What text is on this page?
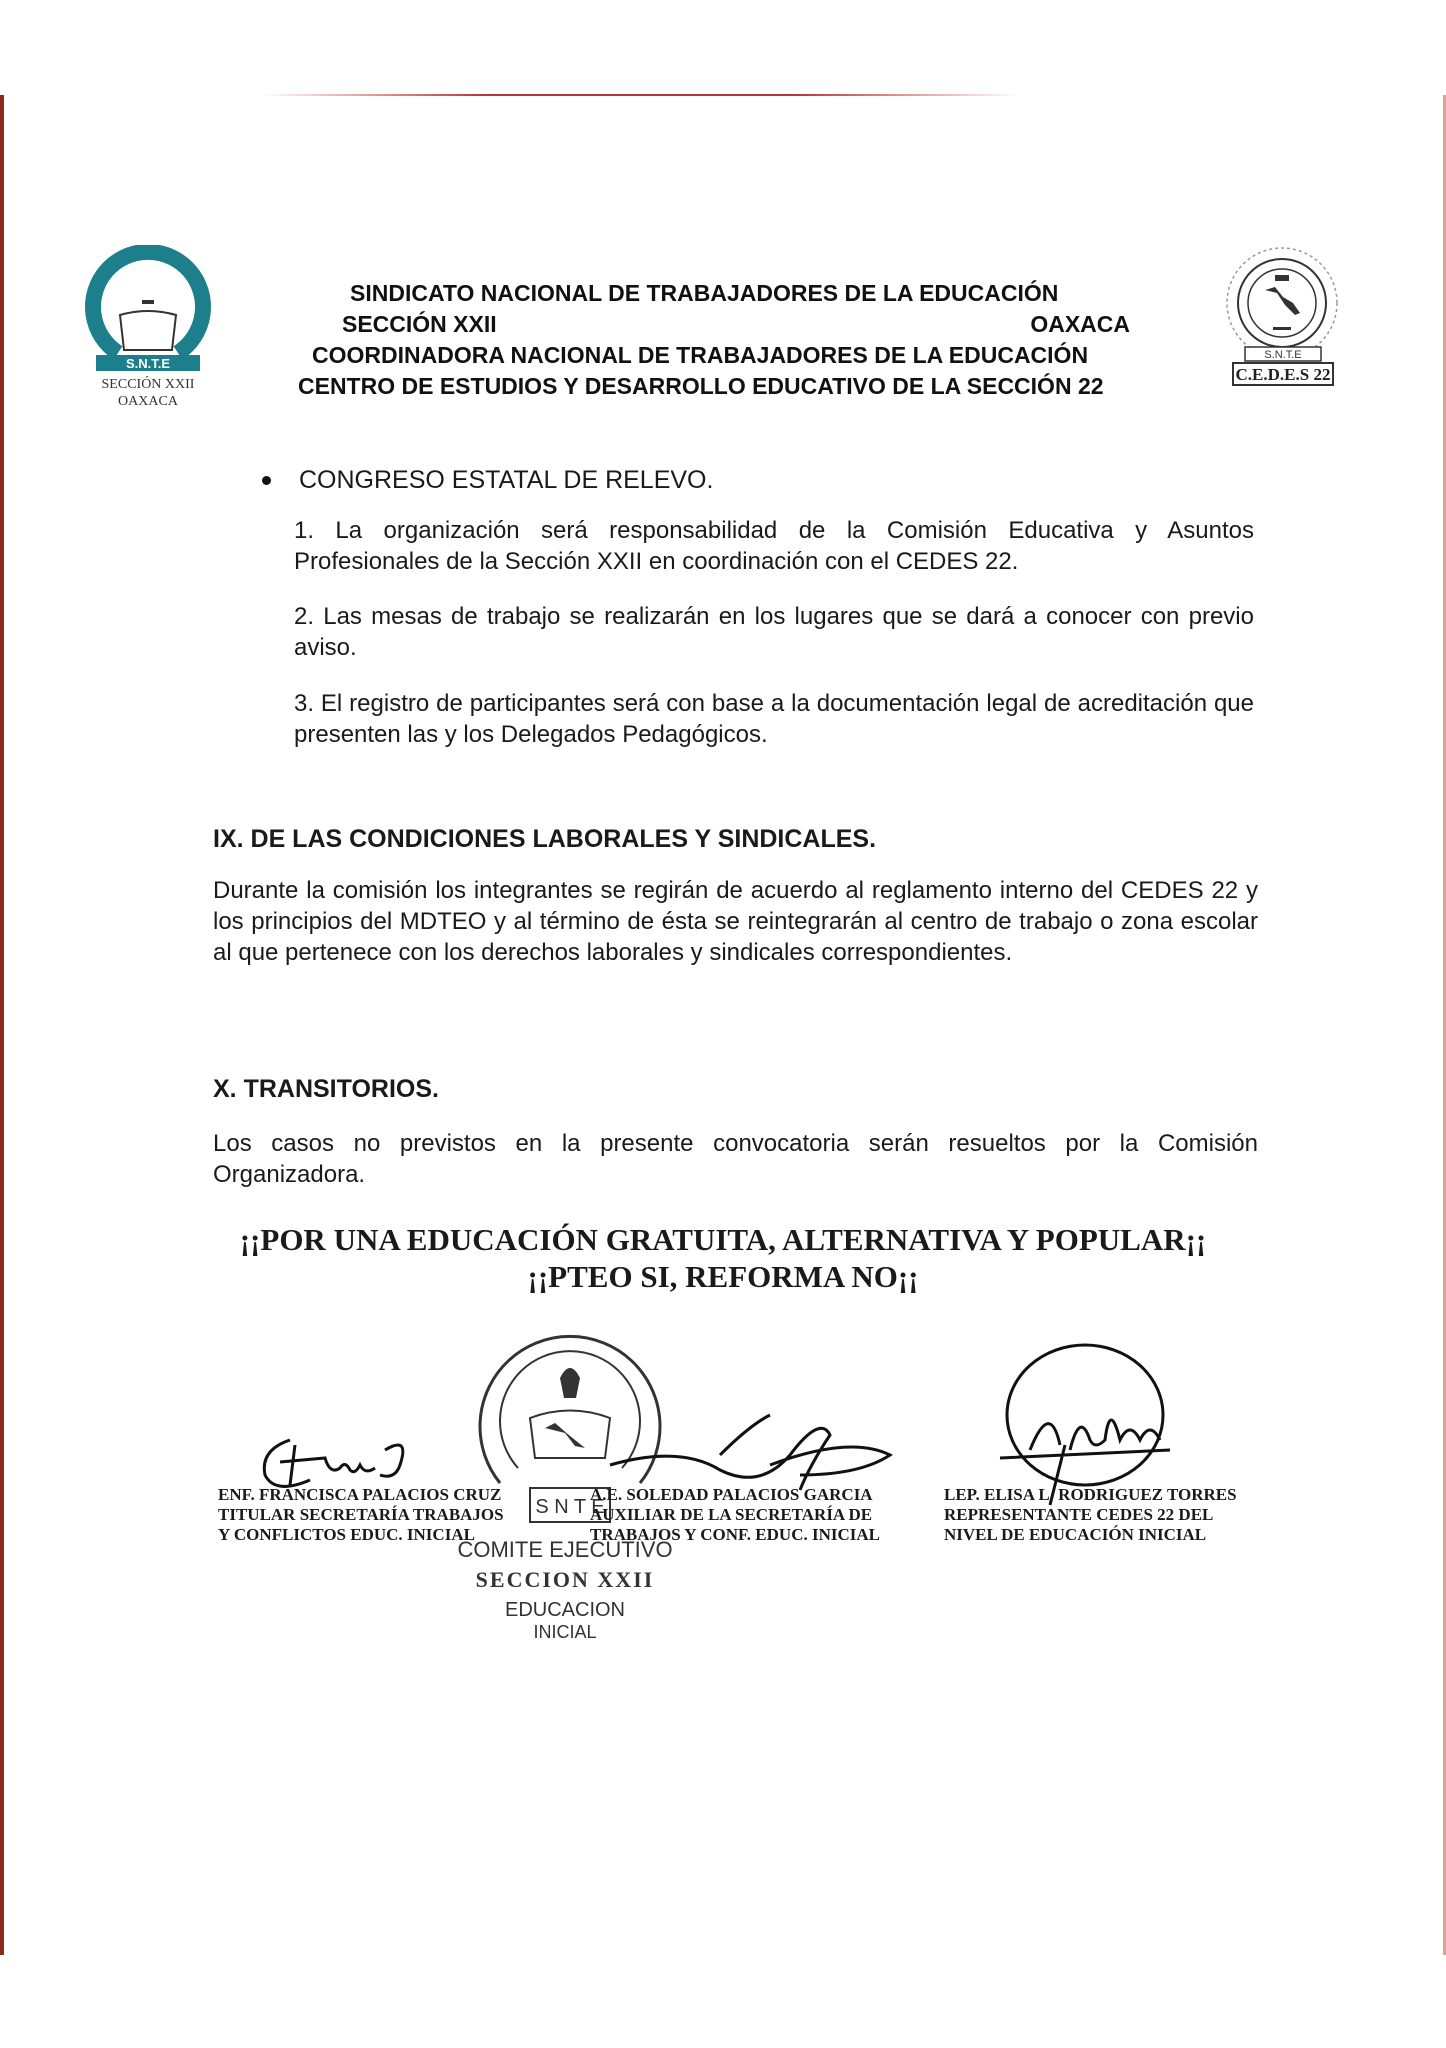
S.N.T.E
SECCIÓN XXII
OAXACA
S.N.T.E
C.E.D.E.S 22
SINDICATO NACIONAL DE TRABAJADORES DE LA EDUCACIÓN
SECCIÓN XXII	OAXACA
COORDINADORA NACIONAL DE TRABAJADORES DE LA EDUCACIÓN
CENTRO DE ESTUDIOS Y DESARROLLO EDUCATIVO DE LA SECCIÓN 22
CONGRESO ESTATAL DE RELEVO.
1. La organización será responsabilidad de la Comisión Educativa y Asuntos Profesionales de la Sección XXII en coordinación con el CEDES 22.
2. Las mesas de trabajo se realizarán en los lugares que se dará a conocer con previo aviso.
3. El registro de participantes será con base a la documentación legal de acreditación que presenten las y los Delegados Pedagógicos.
IX. DE LAS CONDICIONES LABORALES Y SINDICALES.
Durante la comisión los integrantes se regirán de acuerdo al reglamento interno del CEDES 22 y los principios del MDTEO y al término de ésta se reintegrarán al centro de trabajo o zona escolar al que pertenece con los derechos laborales y sindicales correspondientes.
X. TRANSITORIOS.
Los casos no previstos en la presente convocatoria serán resueltos por la Comisión Organizadora.
¡¡POR UNA EDUCACIÓN GRATUITA, ALTERNATIVA Y POPULAR¡¡
¡¡PTEO SI, REFORMA NO¡¡
S N T E
ENF. FRANCISCA PALACIOS CRUZ
TITULAR SECRETARÍA TRABAJOS
Y CONFLICTOS EDUC. INICIAL
A.E. SOLEDAD PALACIOS GARCIA
AUXILIAR DE LA SECRETARÍA DE
TRABAJOS Y CONF. EDUC. INICIAL
LEP. ELISA L. RODRIGUEZ TORRES
REPRESENTANTE CEDES 22 DEL
NIVEL DE EDUCACIÓN INICIAL
COMITE EJECUTIVO
SECCION XXII
EDUCACION
INICIAL
